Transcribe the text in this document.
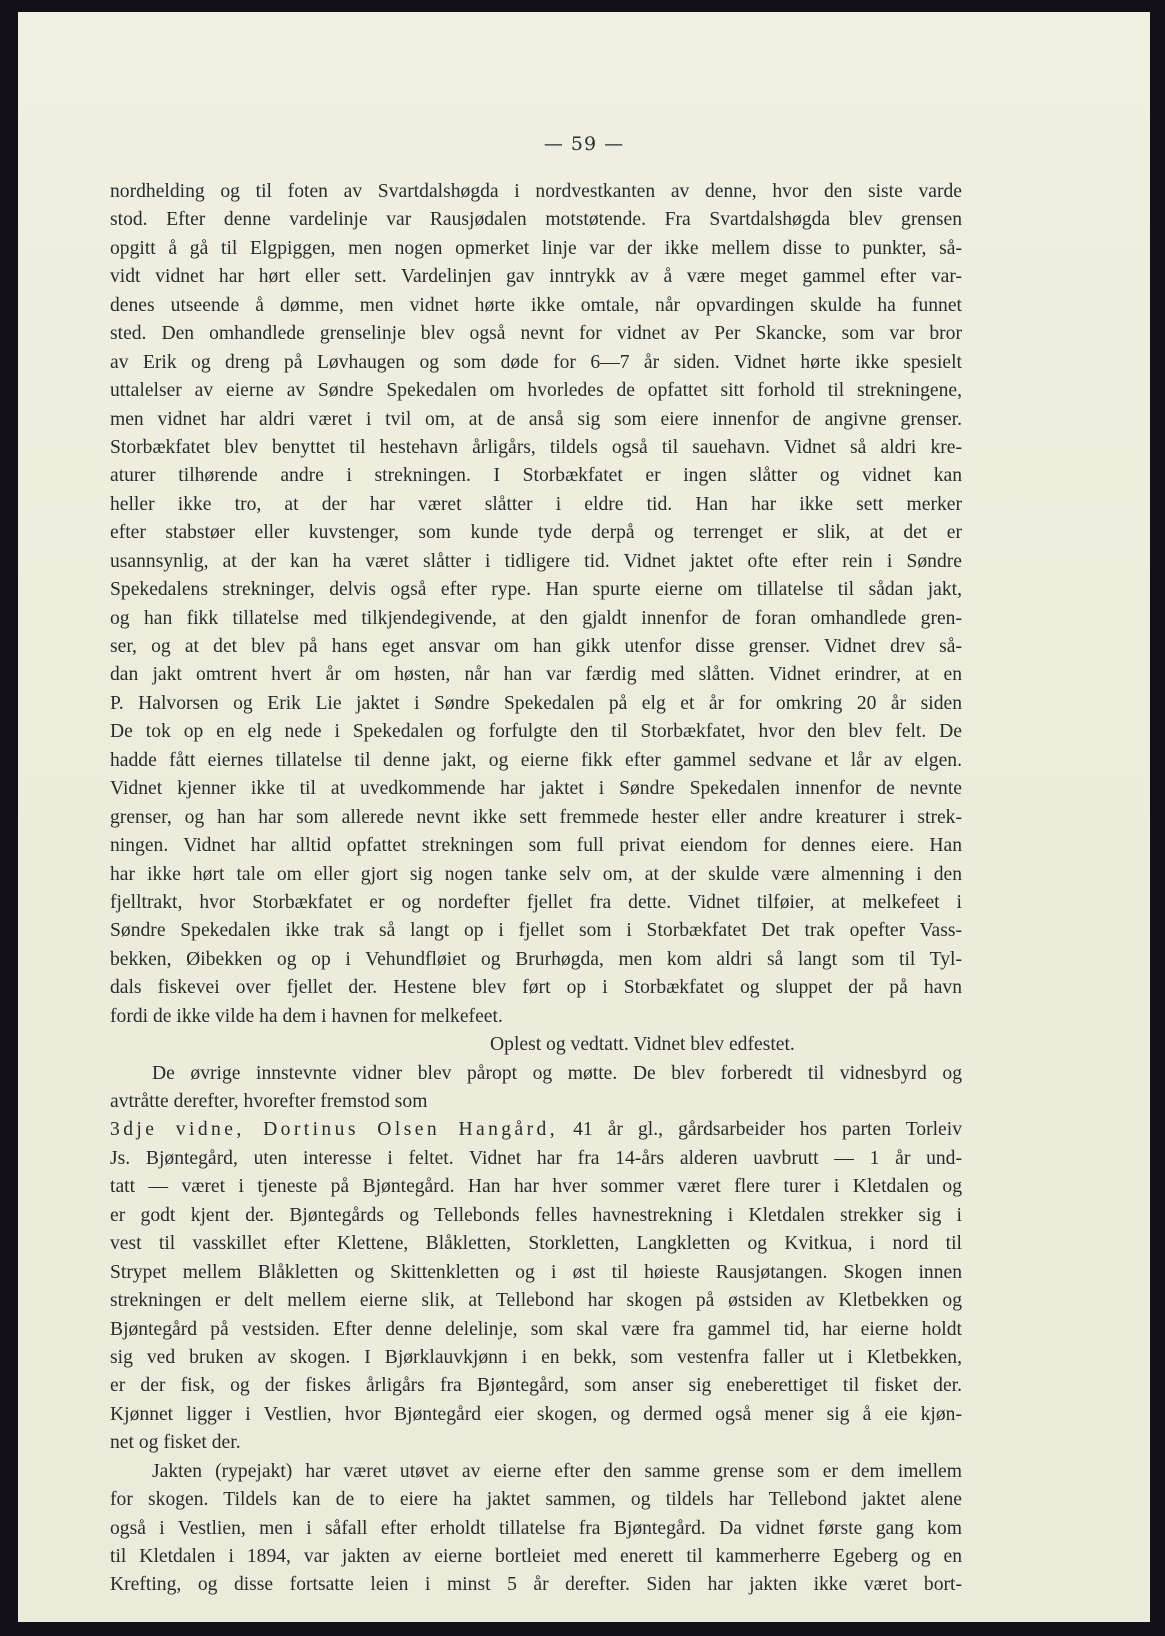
— 59 —
nordhelding og til foten av Svartdalshøgda i nordvestkanten av denne, hvor den siste varde
stod. Efter denne vardelinje var Rausjødalen motstøtende. Fra Svartdalshøgda blev grensen
opgitt å gå til Elgpiggen, men nogen opmerket linje var der ikke mellem disse to punkter, så-
vidt vidnet har hørt eller sett. Vardelinjen gav inntrykk av å være meget gammel efter var-
denes utseende å dømme, men vidnet hørte ikke omtale, når opvardingen skulde ha funnet
sted. Den omhandlede grenselinje blev også nevnt for vidnet av Per Skancke, som var bror
av Erik og dreng på Løvhaugen og som døde for 6—7 år siden. Vidnet hørte ikke spesielt
uttalelser av eierne av Søndre Spekedalen om hvorledes de opfattet sitt forhold til strekningene,
men vidnet har aldri været i tvil om, at de anså sig som eiere innenfor de angivne grenser.
Storbækfatet blev benyttet til hestehavn årligårs, tildels også til sauehavn. Vidnet så aldri kre-
aturer tilhørende andre i strekningen. I Storbækfatet er ingen slåtter og vidnet kan
heller ikke tro, at der har været slåtter i eldre tid. Han har ikke sett merker
efter stabstøer eller kuvstenger, som kunde tyde derpå og terrenget er slik, at det er
usannsynlig, at der kan ha været slåtter i tidligere tid. Vidnet jaktet ofte efter rein i Søndre
Spekedalens strekninger, delvis også efter rype. Han spurte eierne om tillatelse til sådan jakt,
og han fikk tillatelse med tilkjendegivende, at den gjaldt innenfor de foran omhandlede gren-
ser, og at det blev på hans eget ansvar om han gikk utenfor disse grenser. Vidnet drev så-
dan jakt omtrent hvert år om høsten, når han var færdig med slåtten. Vidnet erindrer, at en
P. Halvorsen og Erik Lie jaktet i Søndre Spekedalen på elg et år for omkring 20 år siden
De tok op en elg nede i Spekedalen og forfulgte den til Storbækfatet, hvor den blev felt. De
hadde fått eiernes tillatelse til denne jakt, og eierne fikk efter gammel sedvane et lår av elgen.
Vidnet kjenner ikke til at uvedkommende har jaktet i Søndre Spekedalen innenfor de nevnte
grenser, og han har som allerede nevnt ikke sett fremmede hester eller andre kreaturer i strek-
ningen. Vidnet har alltid opfattet strekningen som full privat eiendom for dennes eiere. Han
har ikke hørt tale om eller gjort sig nogen tanke selv om, at der skulde være almenning i den
fjelltrakt, hvor Storbækfatet er og nordefter fjellet fra dette. Vidnet tilføier, at melkefeet i
Søndre Spekedalen ikke trak så langt op i fjellet som i Storbækfatet Det trak opefter Vass-
bekken, Øibekken og op i Vehundfløiet og Brurhøgda, men kom aldri så langt som til Tyl-
dals fiskevei over fjellet der. Hestene blev ført op i Storbækfatet og sluppet der på havn
fordi de ikke vilde ha dem i havnen for melkefeet.
Oplest og vedtatt. Vidnet blev edfestet.
De øvrige innstevnte vidner blev påropt og møtte. De blev forberedt til vidnesbyrd og
avtråtte derefter, hvorefter fremstod som
3dje vidne, Dortinus Olsen Hangård, 41 år gl., gårdsarbeider hos parten Torleiv
Js. Bjøntegård, uten interesse i feltet. Vidnet har fra 14-års alderen uavbrutt — 1 år und-
tatt — været i tjeneste på Bjøntegård. Han har hver sommer været flere turer i Kletdalen og
er godt kjent der. Bjøntegårds og Tellebonds felles havnestrekning i Kletdalen strekker sig i
vest til vasskillet efter Klettene, Blåkletten, Storkletten, Langkletten og Kvitkua, i nord til
Strypet mellem Blåkletten og Skittenkletten og i øst til høieste Rausjøtangen. Skogen innen
strekningen er delt mellem eierne slik, at Tellebond har skogen på østsiden av Kletbekken og
Bjøntegård på vestsiden. Efter denne delelinje, som skal være fra gammel tid, har eierne holdt
sig ved bruken av skogen. I Bjørklauvkjønn i en bekk, som vestenfra faller ut i Kletbekken,
er der fisk, og der fiskes årligårs fra Bjøntegård, som anser sig eneberettiget til fisket der.
Kjønnet ligger i Vestlien, hvor Bjøntegård eier skogen, og dermed også mener sig å eie kjøn-
net og fisket der.
Jakten (rypejakt) har været utøvet av eierne efter den samme grense som er dem imellem
for skogen. Tildels kan de to eiere ha jaktet sammen, og tildels har Tellebond jaktet alene
også i Vestlien, men i såfall efter erholdt tillatelse fra Bjøntegård. Da vidnet første gang kom
til Kletdalen i 1894, var jakten av eierne bortleiet med enerett til kammerherre Egeberg og en
Krefting, og disse fortsatte leien i minst 5 år derefter. Siden har jakten ikke været bort-
